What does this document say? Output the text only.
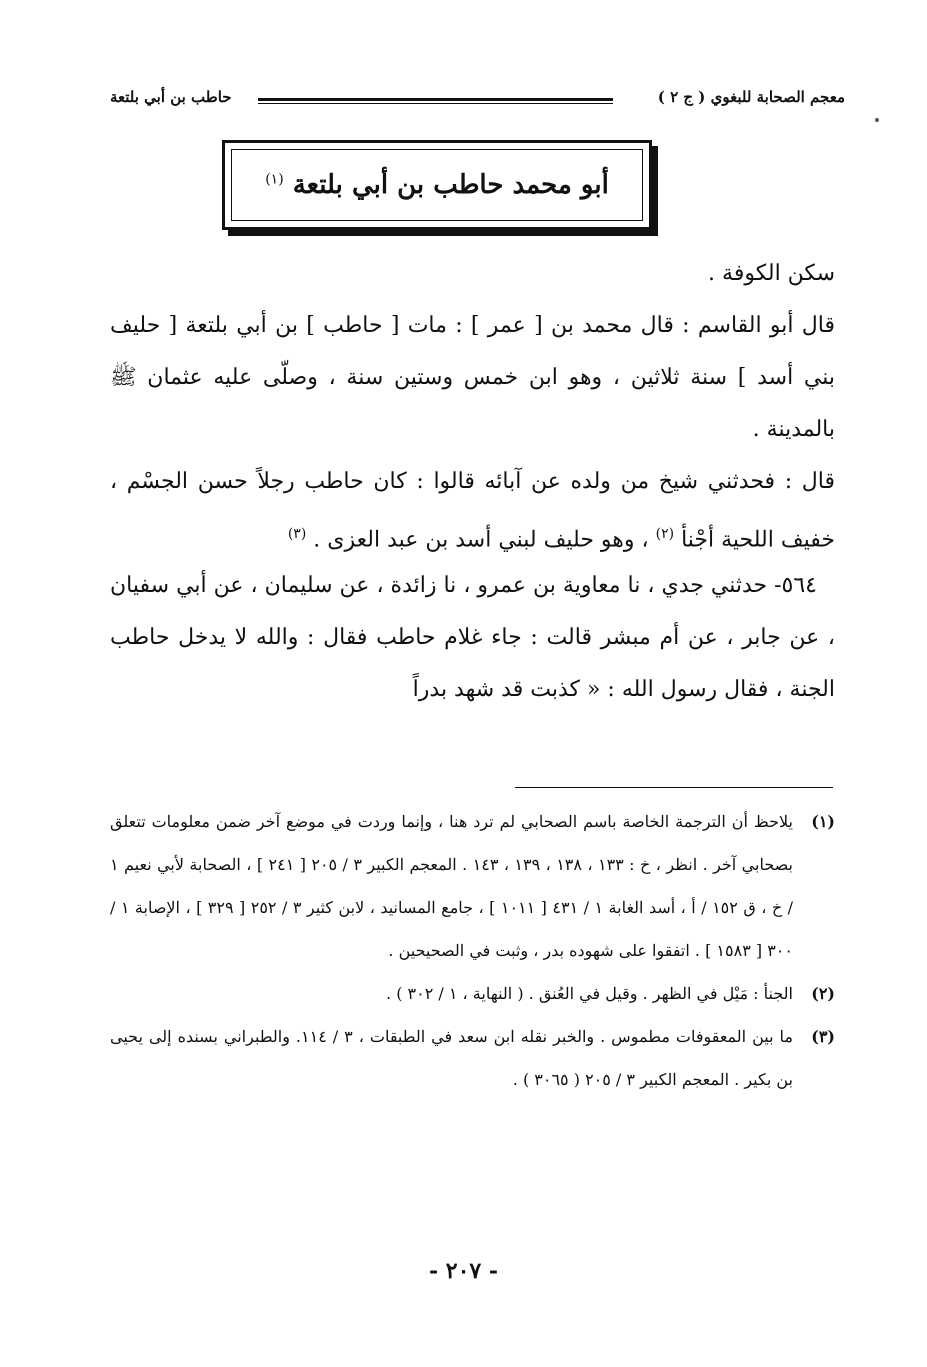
معجم الصحابة للبغوي ( ج ٢ )
حاطب بن أبي بلتعة
أبو محمد حاطب بن أبي بلتعة $^{(١)}$

سكن الكوفة .

قال أبو القاسم : قال محمد بن [ عمر ] : مات [ حاطب ] بن أبي بلتعة [ حليف بني أسد ] سنة ثلاثين ، وهو ابن خمس وستين سنة ، وصلّى عليه عثمان ﷺ بالمدينة .

قال : فحدثني شيخ من ولده عن آبائه قالوا : كان حاطب رجلاً حسن الجسْم ، خفيف اللحية أجْنأ $^{(٢)}$ ، وهو حليف لبني أسد بن عبد العزى . $^{(٣)}$

٥٦٤- حدثني جدي ، نا معاوية بن عمرو ، نا زائدة ، عن سليمان ، عن أبي سفيان ، عن جابر ، عن أم مبشر قالت : جاء غلام حاطب فقال : والله لا يدخل حاطب الجنة ، فقال رسول الله : « كذبت قد شهد بدراً

(١)
يلاحظ أن الترجمة الخاصة باسم الصحابي لم ترد هنا ، وإنما وردت في موضع آخر ضمن معلومات تتعلق بصحابي آخر . انظر ، خ : ١٣٣ ، ١٣٨ ، ١٣٩ ، ١٤٣ . المعجم الكبير ٣ / ٢٠٥ [ ٢٤١ ] ، الصحابة لأبي نعيم ١ / خ ، ق ١٥٢ / أ ، أسد الغابة ١ / ٤٣١ [ ١٠١١ ] ، جامع المسانيد ، لابن كثير ٣ / ٢٥٢ [ ٣٢٩ ] ، الإصابة ١ / ٣٠٠ [ ١٥٨٣ ] . اتفقوا على شهوده بدر ، وثبت في الصحيحين .
(٢)
الجنأ : مَيْل في الظهر . وقيل في العُنق . ( النهاية ، ١ / ٣٠٢ ) .
(٣)
ما بين المعقوفات مطموس . والخبر نقله ابن سعد في الطبقات ، ٣ / ١١٤. والطبراني بسنده إلى يحيى بن بكير . المعجم الكبير ٣ / ٢٠٥ ( ٣٠٦٥ ) .
- ٢٠٧ -
